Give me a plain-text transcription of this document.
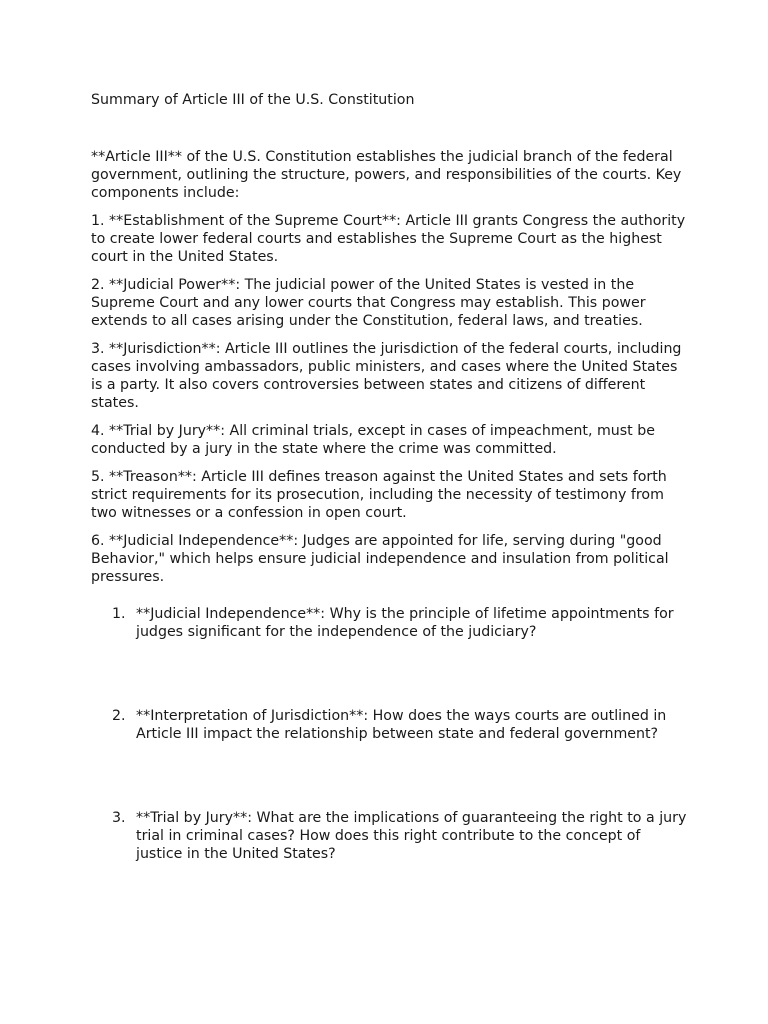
Summary of Article III of the U.S. Constitution

**Article III** of the U.S. Constitution establishes the judicial branch of the federal government, outlining the structure, powers, and responsibilities of the courts. Key components include:

1. **Establishment of the Supreme Court**: Article III grants Congress the authority to create lower federal courts and establishes the Supreme Court as the highest court in the United States.

2. **Judicial Power**: The judicial power of the United States is vested in the Supreme Court and any lower courts that Congress may establish. This power extends to all cases arising under the Constitution, federal laws, and treaties.

3. **Jurisdiction**: Article III outlines the jurisdiction of the federal courts, including cases involving ambassadors, public ministers, and cases where the United States is a party. It also covers controversies between states and citizens of different states.

4. **Trial by Jury**: All criminal trials, except in cases of impeachment, must be conducted by a jury in the state where the crime was committed.

5. **Treason**: Article III defines treason against the United States and sets forth strict requirements for its prosecution, including the necessity of testimony from two witnesses or a confession in open court.

6. **Judicial Independence**: Judges are appointed for life, serving during "good Behavior," which helps ensure judicial independence and insulation from political pressures.

1. **Judicial Independence**: Why is the principle of lifetime appointments for judges significant for the independence of the judiciary?
2. **Interpretation of Jurisdiction**: How does the ways courts are outlined in Article III impact the relationship between state and federal government?
3. **Trial by Jury**: What are the implications of guaranteeing the right to a jury trial in criminal cases? How does this right contribute to the concept of justice in the United States?
